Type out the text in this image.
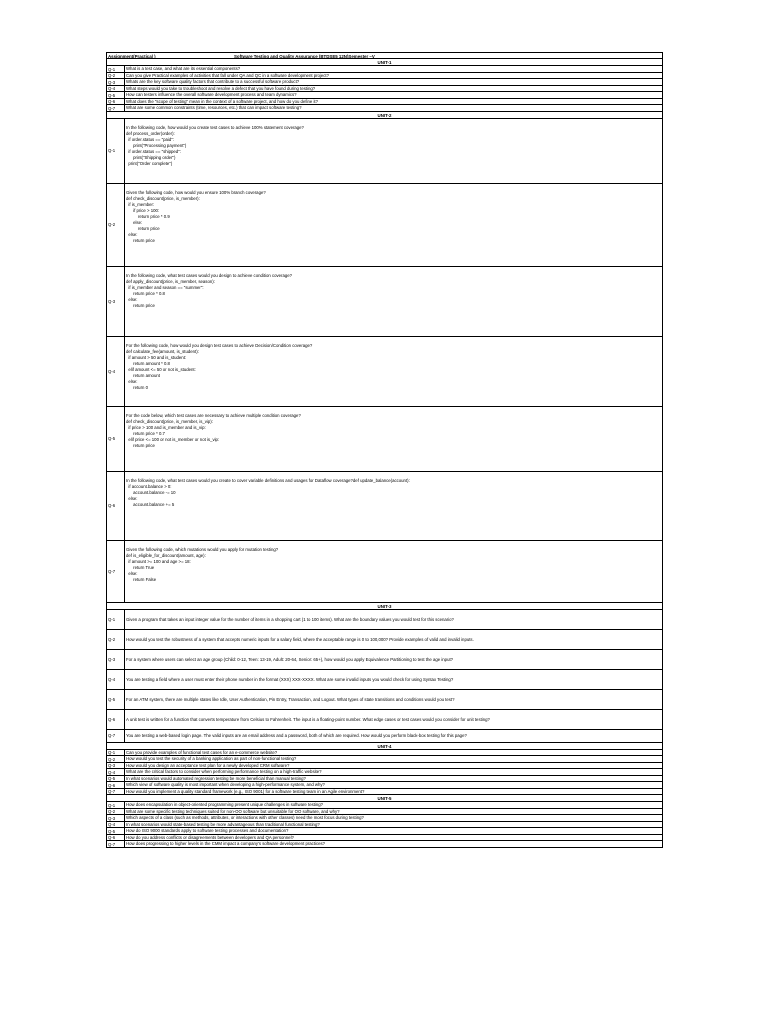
Assignment(Practical )	Software Testing and Quality Assurance (BTDSE5 12N)Semester –V
UNIT-1
Q-1	What is a test case, and what are its essential components?
Q-2	Can you give Practical examples of activities that fall under QA and QC in a software development project?
Q-3	Whats are the key software quality factors that contribute to a successful software product?
Q-4	What steps would you take to troubleshoot and resolve a defect that you have found during testing?
Q-5	How can testers influence the overall software development process and team dynamics?
Q-6	What does the "scope of testing" mean in the context of a software project, and how do you define it?
Q-7	What are some common constraints (time, resources, etc.) that can impact software testing?
UNIT-2
Q-1
In the following code, how would you create test cases to achieve 100% statement coverage?
def process_order(order):
if order.status == "paid":
print("Processing payment")
if order.status == "shipped":
print("Shipping order")
print("Order complete")
Q-2
Given the following code, how would you ensure 100% branch coverage?
def check_discount(price, is_member):
if is_member:
if price > 100:
return price * 0.9
else:
return price
else:
return price
Q-3
In the following code, what test cases would you design to achieve condition coverage?
def apply_discount(price, is_member, season):
if is_member and season == "summer":
return price * 0.8
else:
return price
Q-4
For the following code, how would you design test cases to achieve Decision/Condition coverage?
def calculate_fee(amount, is_student):
if amount > 50 and is_student:
return amount * 0.8
elif amount <= 50 or not is_student:
return amount
else:
return 0
Q-5
For the code below, which test cases are necessary to achieve multiple condition coverage?
def check_discount(price, is_member, is_vip):
if price > 100 and is_member and is_vip:
return price * 0.7
elif price <= 100 or not is_member or not is_vip:
return price
Q-6
In the following code, what test cases would you create to cover variable definitions and usages for Dataflow coverage?def update_balance(account):
if account.balance > 0:
account.balance -= 10
else:
account.balance += 5
Q-7
Given the following code, which mutations would you apply for mutation testing?
def is_eligible_for_discount(amount, age):
if amount >= 100 and age >= 18:
return True
else:
return False
UNIT-3
Q-1	Given a program that takes an input integer value for the number of items in a shopping cart (1 to 100 items). What are the boundary values you would test for this scenario?
Q-2	How would you test the robustness of a system that accepts numeric inputs for a salary field, where the acceptable range is 0 to 100,000? Provide examples of valid and invalid inputs.
Q-3	For a system where users can select an age group (Child: 0-12, Teen: 13-19, Adult: 20-64, Senior: 65+), how would you apply Equivalence Partitioning to test the age input?
Q-4	You are testing a field where a user must enter their phone number in the format (XXX) XXX-XXXX. What are some invalid inputs you would check for using Syntax Testing?
Q-5	For an ATM system, there are multiple states like Idle, User Authentication, Pin Entry, Transaction, and Logout. What types of state transitions and conditions would you test?
Q-6	A unit test is written for a function that converts temperature from Celsius to Fahrenheit. The input is a floating-point number. What edge cases or test cases would you consider for unit testing?
Q-7	You are testing a web-based login page. The valid inputs are an email address and a password, both of which are required. How would you perform black-box testing for this page?
UNIT-4
Q-1	Can you provide examples of functional test cases for an e-commerce website?
Q-2	How would you test the security of a banking application as part of non-functional testing?
Q-3	How would you design an acceptance test plan for a newly developed CRM software?
Q-4	What are the critical factors to consider when performing performance testing on a high-traffic website?
Q-5	In what scenarios would automated regression testing be more beneficial than manual testing?
Q-6	Which view of software quality is most important when developing a high-performance system, and why?
Q-7	How would you implement a quality standard framework (e.g., ISO 9001) for a software testing team in an Agile environment?
UNIT-5
Q-1	How does encapsulation in object-oriented programming present unique challenges in software testing?
Q-2	What are some specific testing techniques suited for non-OO software but unsuitable for OO software, and why?
Q-3	Which aspects of a class (such as methods, attributes, or interactions with other classes) need the most focus during testing?
Q-4	In what scenarios would state-based testing be more advantageous than traditional functional testing?
Q-5	How do ISO 9000 standards apply to software testing processes and documentation?
Q-6	How do you address conflicts or disagreements between developers and QA personnel?
Q-7	How does progressing to higher levels in the CMM impact a company's software development practices?
